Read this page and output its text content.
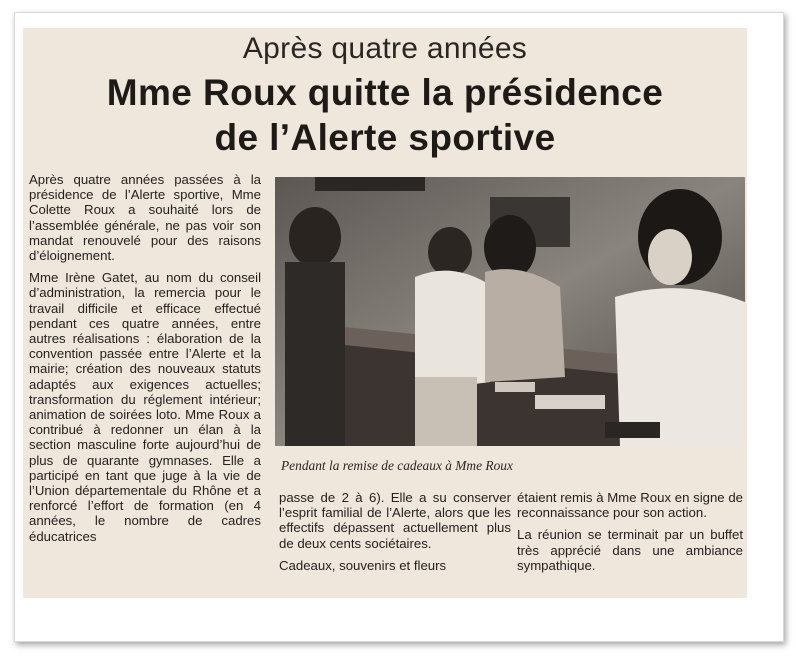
Après quatre années
Mme Roux quitte la présidence
de l’Alerte sportive

Après quatre années passées à la présidence de l’Alerte sportive, Mme Colette Roux a souhaité lors de l’assemblée générale, ne pas voir son mandat renouvelé pour des raisons d’éloignement.

Mme Irène Gatet, au nom du conseil d’administration, la remercia pour le travail difficile et efficace effectué pendant ces quatre années, entre autres réalisations : élaboration de la convention passée entre l’Alerte et la mairie; création des nouveaux statuts adaptés aux exigences actuelles; transformation du réglement intérieur; animation de soirées loto. Mme Roux a contribué à redonner un élan à la section masculine forte aujourd’hui de plus de quarante gymnases. Elle a participé en tant que juge à la vie de l’Union départementale du Rhône et a renforcé l’effort de formation (en 4 années, le nombre de cadres éducatrices

Pendant la remise de cadeaux à Mme Roux

passe de 2 à 6). Elle a su conserver l’esprit familial de l’Alerte, alors que les effectifs dépassent actuellement plus de deux cents sociétaires.

Cadeaux, souvenirs et fleurs

étaient remis à Mme Roux en signe de reconnaissance pour son action.

La réunion se terminait par un buffet très apprécié dans une ambiance sympathique.
